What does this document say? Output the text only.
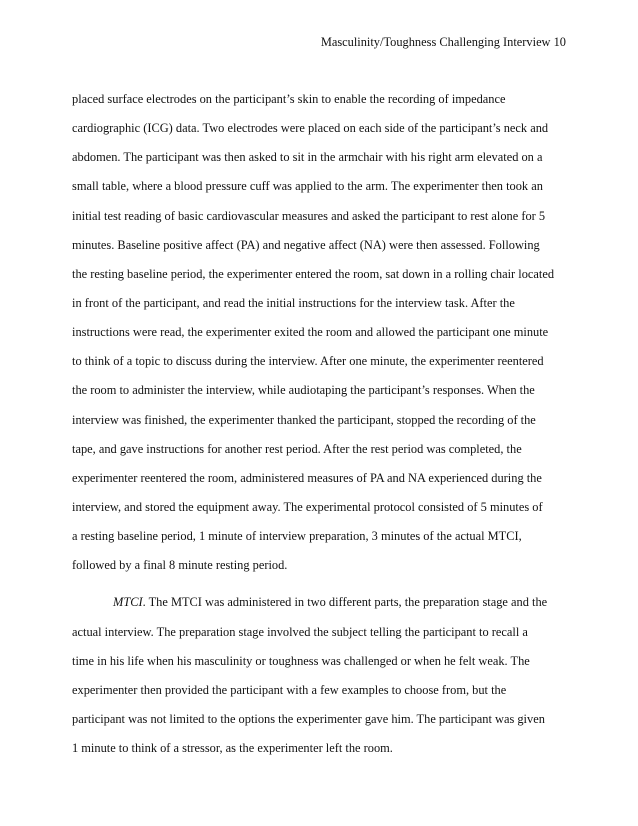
Masculinity/Toughness Challenging Interview 10
placed surface electrodes on the participant’s skin to enable the recording of impedance
cardiographic (ICG) data. Two electrodes were placed on each side of the participant’s neck and
abdomen. The participant was then asked to sit in the armchair with his right arm elevated on a
small table, where a blood pressure cuff was applied to the arm. The experimenter then took an
initial test reading of basic cardiovascular measures and asked the participant to rest alone for 5
minutes. Baseline positive affect (PA) and negative affect (NA) were then assessed. Following
the resting baseline period, the experimenter entered the room, sat down in a rolling chair located
in front of the participant, and read the initial instructions for the interview task. After the
instructions were read, the experimenter exited the room and allowed the participant one minute
to think of a topic to discuss during the interview. After one minute, the experimenter reentered
the room to administer the interview, while audiotaping the participant’s responses. When the
interview was finished, the experimenter thanked the participant, stopped the recording of the
tape, and gave instructions for another rest period. After the rest period was completed, the
experimenter reentered the room, administered measures of PA and NA experienced during the
interview, and stored the equipment away. The experimental protocol consisted of 5 minutes of
a resting baseline period, 1 minute of interview preparation, 3 minutes of the actual MTCI,
followed by a final 8 minute resting period.
MTCI. The MTCI was administered in two different parts, the preparation stage and the
actual interview. The preparation stage involved the subject telling the participant to recall a
time in his life when his masculinity or toughness was challenged or when he felt weak. The
experimenter then provided the participant with a few examples to choose from, but the
participant was not limited to the options the experimenter gave him. The participant was given
1 minute to think of a stressor, as the experimenter left the room.
